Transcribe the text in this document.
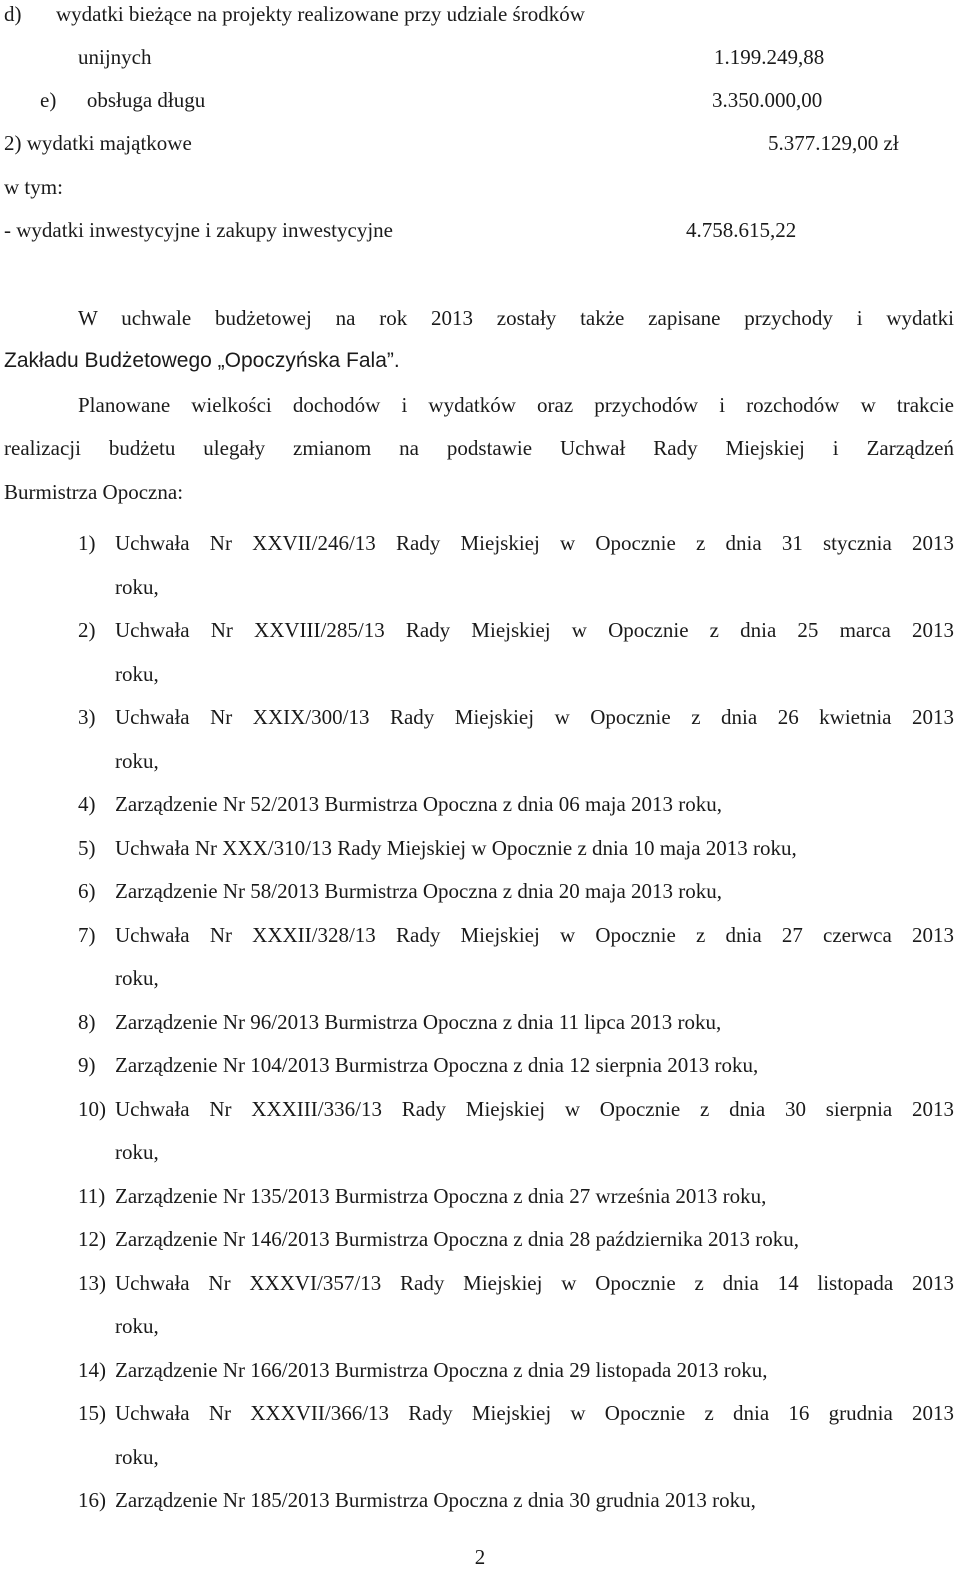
d) wydatki bieżące na projekty realizowane przy udziale środków
unijnych	1.199.249,88
e) obsługa długu	3.350.000,00
2) wydatki majątkowe	5.377.129,00 zł
w tym:
- wydatki inwestycyjne i zakupy inwestycyjne	4.758.615,22
W uchwale budżetowej na rok 2013 zostały także zapisane przychody i wydatki
Zakładu Budżetowego „Opoczyńska Fala”.
Planowane wielkości dochodów i wydatków oraz przychodów i rozchodów w trakcie
realizacji budżetu ulegały zmianom na podstawie Uchwał Rady Miejskiej i Zarządzeń
Burmistrza Opoczna:
1) Uchwała Nr XXVII/246/13 Rady Miejskiej w Opocznie z dnia 31 stycznia 2013
roku,
2) Uchwała Nr XXVIII/285/13 Rady Miejskiej w Opocznie z dnia 25 marca 2013
roku,
3) Uchwała Nr XXIX/300/13 Rady Miejskiej w Opocznie z dnia 26 kwietnia 2013
roku,
4) Zarządzenie Nr 52/2013 Burmistrza Opoczna z dnia 06 maja 2013 roku,
5) Uchwała Nr XXX/310/13 Rady Miejskiej w Opocznie z dnia 10 maja 2013 roku,
6) Zarządzenie Nr 58/2013 Burmistrza Opoczna z dnia 20 maja 2013 roku,
7) Uchwała Nr XXXII/328/13 Rady Miejskiej w Opocznie z dnia 27 czerwca 2013
roku,
8) Zarządzenie Nr 96/2013 Burmistrza Opoczna z dnia 11 lipca 2013 roku,
9) Zarządzenie Nr 104/2013 Burmistrza Opoczna z dnia 12 sierpnia 2013 roku,
10) Uchwała Nr XXXIII/336/13 Rady Miejskiej w Opocznie z dnia 30 sierpnia 2013
roku,
11) Zarządzenie Nr 135/2013 Burmistrza Opoczna z dnia 27 września 2013 roku,
12) Zarządzenie Nr 146/2013 Burmistrza Opoczna z dnia 28 października 2013 roku,
13) Uchwała Nr XXXVI/357/13 Rady Miejskiej w Opocznie z dnia 14 listopada 2013
roku,
14) Zarządzenie Nr 166/2013 Burmistrza Opoczna z dnia 29 listopada 2013 roku,
15) Uchwała Nr XXXVII/366/13 Rady Miejskiej w Opocznie z dnia 16 grudnia 2013
roku,
16) Zarządzenie Nr 185/2013 Burmistrza Opoczna z dnia 30 grudnia 2013 roku,
2
